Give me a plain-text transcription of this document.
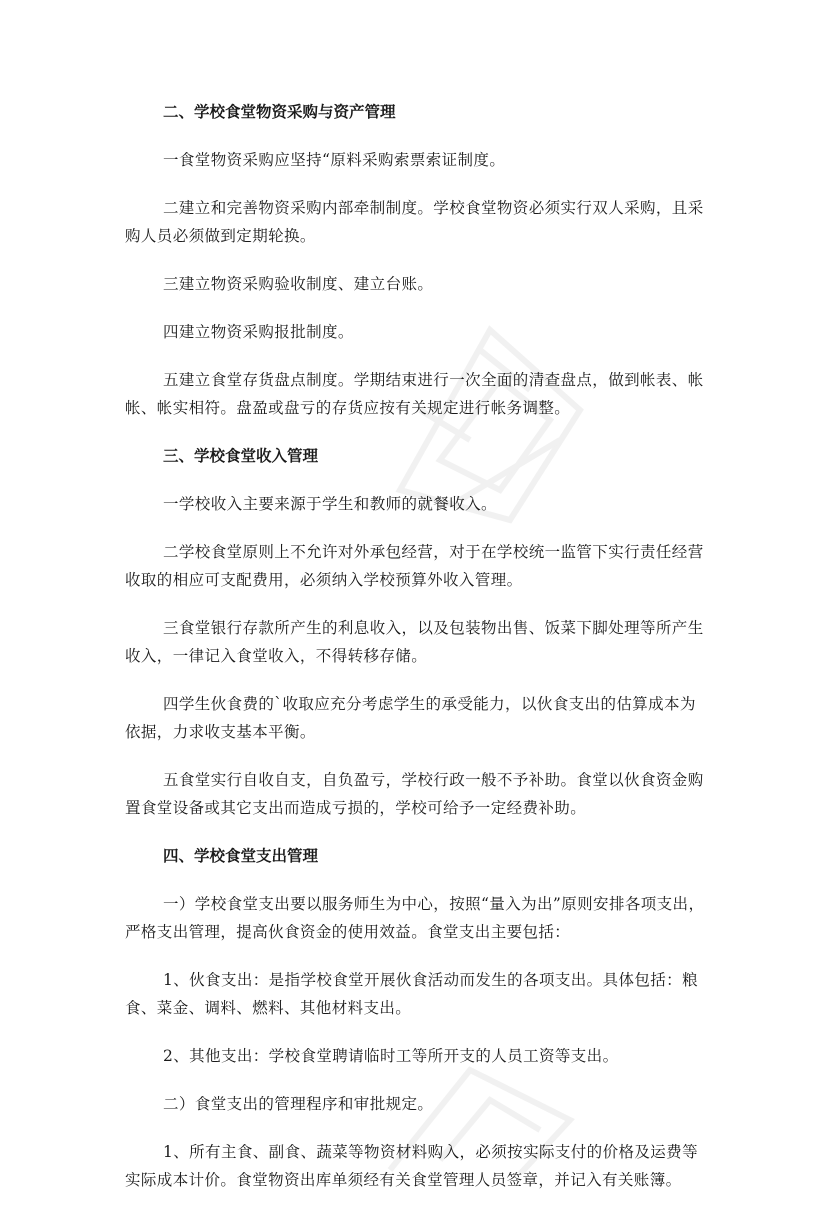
二、学校食堂物资采购与资产管理

一食堂物资采购应坚持“原料采购索票索证制度。

二建立和完善物资采购内部牵制制度。学校食堂物资必须实行双人采购，且采购人员必须做到定期轮换。

三建立物资采购验收制度、建立台账。

四建立物资采购报批制度。

五建立食堂存货盘点制度。学期结束进行一次全面的清查盘点，做到帐表、帐帐、帐实相符。盘盈或盘亏的存货应按有关规定进行帐务调整。

三、学校食堂收入管理

一学校收入主要来源于学生和教师的就餐收入。

二学校食堂原则上不允许对外承包经营，对于在学校统一监管下实行责任经营收取的相应可支配费用，必须纳入学校预算外收入管理。

三食堂银行存款所产生的利息收入，以及包装物出售、饭菜下脚处理等所产生收入，一律记入食堂收入，不得转移存储。

四学生伙食费的`收取应充分考虑学生的承受能力，以伙食支出的估算成本为依据，力求收支基本平衡。

五食堂实行自收自支，自负盈亏，学校行政一般不予补助。食堂以伙食资金购置食堂设备或其它支出而造成亏损的，学校可给予一定经费补助。

四、学校食堂支出管理

一）学校食堂支出要以服务师生为中心，按照“量入为出”原则安排各项支出，严格支出管理，提高伙食资金的使用效益。食堂支出主要包括：

1、伙食支出：是指学校食堂开展伙食活动而发生的各项支出。具体包括：粮食、菜金、调料、燃料、其他材料支出。

2、其他支出：学校食堂聘请临时工等所开支的人员工资等支出。

二）食堂支出的管理程序和审批规定。

1、所有主食、副食、蔬菜等物资材料购入，必须按实际支付的价格及运费等实际成本计价。食堂物资出库单须经有关食堂管理人员签章，并记入有关账簿。
